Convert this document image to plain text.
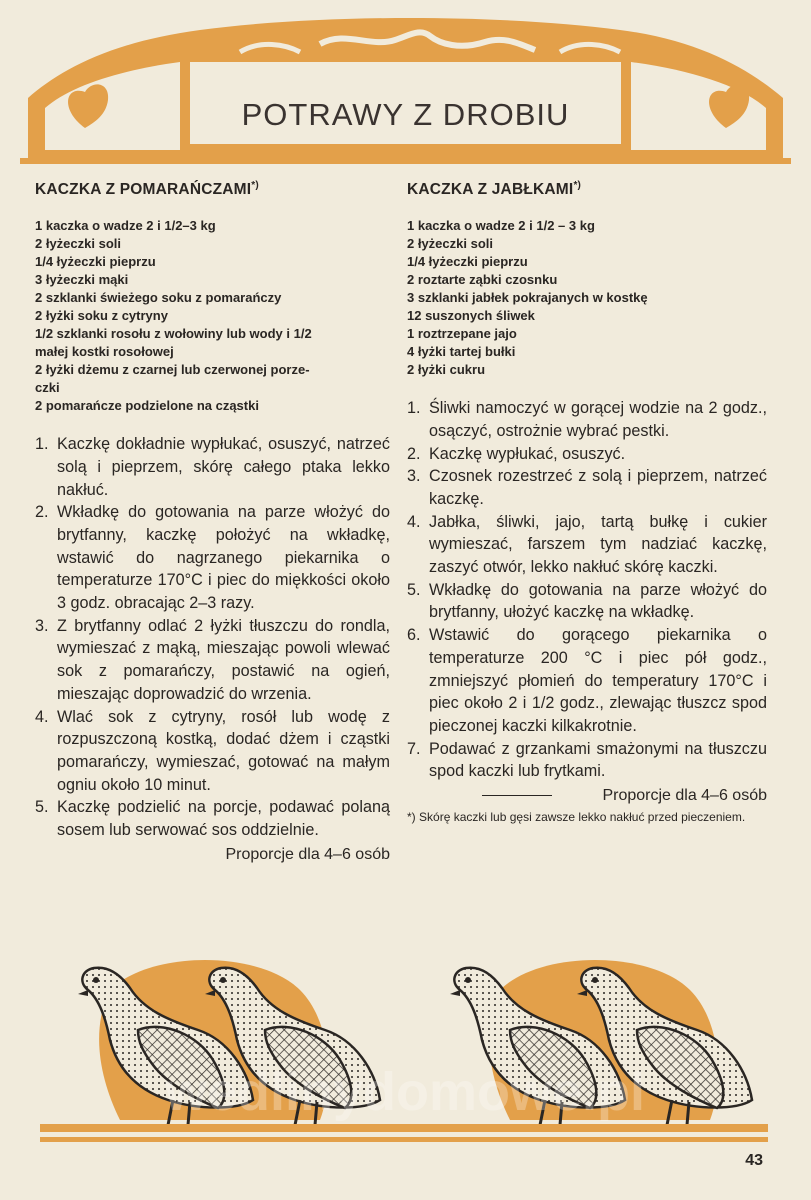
POTRAWY Z DROBIU
KACZKA Z POMARAŃCZAMI*)
1 kaczka o wadze 2 i 1/2–3 kg
2 łyżeczki soli
1/4 łyżeczki pieprzu
3 łyżeczki mąki
2 szklanki świeżego soku z pomarańczy
2 łyżki soku z cytryny
1/2 szklanki rosołu z wołowiny lub wody i 1/2
małej kostki rosołowej
2 łyżki dżemu z czarnej lub czerwonej porze-
czki
2 pomarańcze podzielone na cząstki
1. Kaczkę dokładnie wypłukać, osuszyć, natrzeć solą i pieprzem, skórę całego ptaka lekko nakłuć.
2. Wkładkę do gotowania na parze włożyć do brytfanny, kaczkę położyć na wkładkę, wstawić do nagrzanego piekarnika o temperaturze 170°C i piec do miękkości około 3 godz. obracając 2–3 razy.
3. Z brytfanny odlać 2 łyżki tłuszczu do rondla, wymieszać z mąką, mieszając powoli wlewać sok z pomarańczy, postawić na ogień, mieszając doprowadzić do wrzenia.
4. Wlać sok z cytryny, rosół lub wodę z rozpuszczoną kostką, dodać dżem i cząstki pomarańczy, wymieszać, gotować na małym ogniu około 10 minut.
5. Kaczkę podzielić na porcje, podawać polaną sosem lub serwować sos oddzielnie.
Proporcje dla 4–6 osób
KACZKA Z JABŁKAMI*)
1 kaczka o wadze 2 i 1/2 – 3 kg
2 łyżeczki soli
1/4 łyżeczki pieprzu
2 roztarte ząbki czosnku
3 szklanki jabłek pokrajanych w kostkę
12 suszonych śliwek
1 roztrzepane jajo
4 łyżki tartej bułki
2 łyżki cukru
1. Śliwki namoczyć w gorącej wodzie na 2 godz., osączyć, ostrożnie wybrać pestki.
2. Kaczkę wypłukać, osuszyć.
3. Czosnek rozestrzeć z solą i pieprzem, natrzeć kaczkę.
4. Jabłka, śliwki, jajo, tartą bułkę i cukier wymieszać, farszem tym nadziać kaczkę, zaszyć otwór, lekko nakłuć skórę kaczki.
5. Wkładkę do gotowania na parze włożyć do brytfanny, ułożyć kaczkę na wkładkę.
6. Wstawić do gorącego piekarnika o temperaturze 200 °C i piec pół godz., zmniejszyć płomień do temperatury 170°C i piec około 2 i 1/2 godz., zlewając tłuszcz spod pieczonej kaczki kilkakrotnie.
7. Podawać z grzankami smażonymi na tłuszczu spod kaczki lub frytkami.
Proporcje dla 4–6 osób
*) Skórę kaczki lub gęsi zawsze lekko nakłuć przed pieczeniem.
wedlinydomowe.pl
43
